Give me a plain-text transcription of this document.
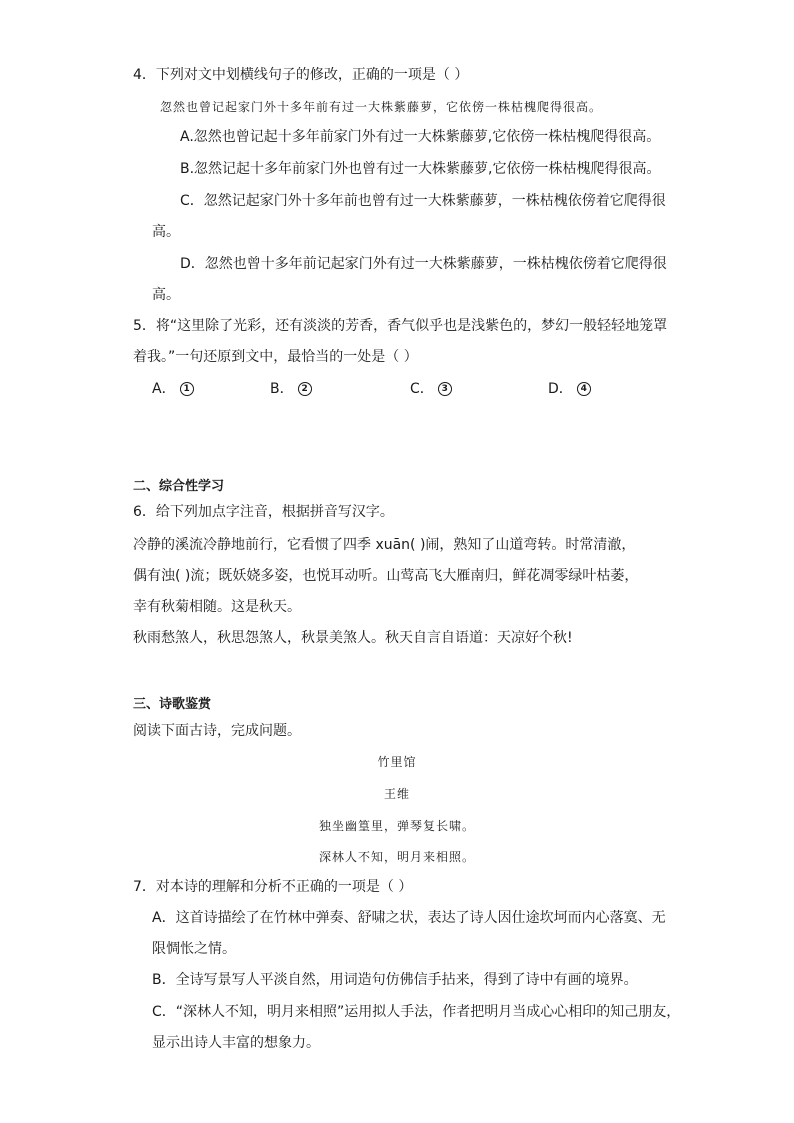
4．下列对文中划横线句子的修改，正确的一项是（ ）
忽然也曾记起家门外十多年前有过一大株紫藤萝，它依傍一株枯槐爬得很高。
A.忽然也曾记起十多年前家门外有过一大株紫藤萝,它依傍一株枯槐爬得很高。
B.忽然记起十多年前家门外也曾有过一大株紫藤萝,它依傍一株枯槐爬得很高。
C．忽然记起家门外十多年前也曾有过一大株紫藤萝，一株枯槐依傍着它爬得很
高。
D．忽然也曾十多年前记起家门外有过一大株紫藤萝，一株枯槐依傍着它爬得很
高。
5．将“这里除了光彩，还有淡淡的芳香，香气似乎也是浅紫色的，梦幻一般轻轻地笼罩
着我。”一句还原到文中，最恰当的一处是（ ）
A． 1	B． 2	C． 3	D． 4
二、综合性学习
6．给下列加点字注音，根据拼音写汉字。
冷静的溪流冷静地前行，它看惯了四季 xuān( )闹，熟知了山道弯转。时常清澈，
偶有浊( )流；既妖娆多姿，也悦耳动听。山莺高飞大雁南归，鲜花凋零绿叶枯萎，
幸有秋菊相随。这是秋天。
秋雨愁煞人，秋思怨煞人，秋景美煞人。秋天自言自语道：天凉好个秋!
三、诗歌鉴赏
阅读下面古诗，完成问题。
竹里馆
王维
独坐幽篁里，弹琴复长啸。
深林人不知，明月来相照。
7．对本诗的理解和分析不正确的一项是（ ）
A．这首诗描绘了在竹林中弹奏、舒啸之状，表达了诗人因仕途坎坷而内心落寞、无
限惆怅之情。
B．全诗写景写人平淡自然，用词造句仿佛信手拈来，得到了诗中有画的境界。
C．“深林人不知，明月来相照”运用拟人手法，作者把明月当成心心相印的知己朋友，
显示出诗人丰富的想象力。
